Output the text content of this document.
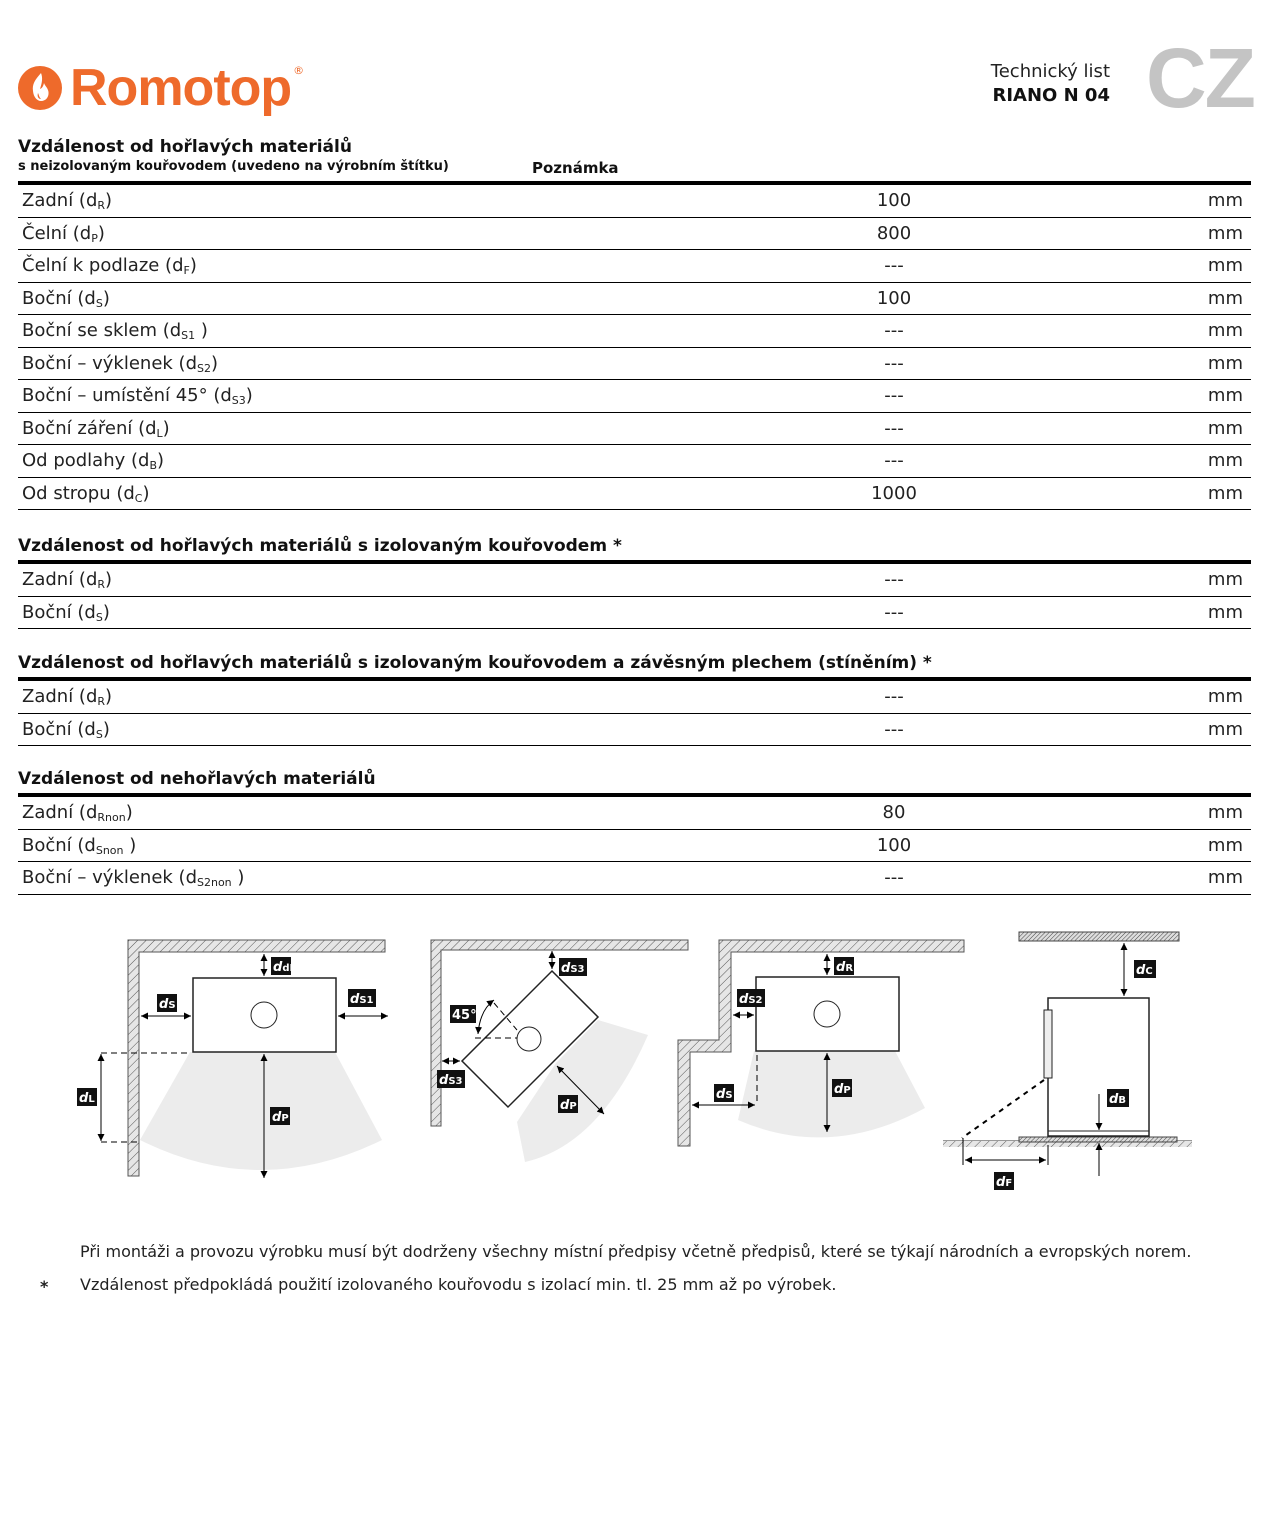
Romotop ®	Technický list
RIANO N 04 CZ
Vzdálenost od hořlavých materiálů
s neizolovaným kouřovodem (uvedeno na výrobním štítku)	Poznámka
Zadní $(d_R)$	100	mm
Čelní $(d_P)$	800	mm
Čelní k podlaze $(d_F)$	---	mm
Boční $(d_S)$	100	mm
Boční se sklem ($d_{S1}$ )	---	mm
Boční – výklenek $(d_{S2})$	---	mm
Boční – umístění 45° $(d_{S3})$	---	mm
Boční záření $(d_L)$	---	mm
Od podlahy $(d_B)$	---	mm
Od stropu $(d_C)$	1000	mm
Vzdálenost od hořlavých materiálů s izolovaným kouřovodem *
Zadní $(d_R)$	---	mm
Boční $(d_S)$	---	mm
Vzdálenost od hořlavých materiálů s izolovaným kouřovodem a závěsným plechem (stíněním) *
Zadní $(d_R)$	---	mm
Boční $(d_S)$	---	mm
Vzdálenost od nehořlavých materiálů
Zadní $(d_{Rnon})$	80	mm
Boční ($d_{Snon}$ )	100	mm
Boční – výklenek ($d_{S2non}$ )	---	mm
ddR
dS	dS1
dL
dP
dS3
45°
dS3
dP
dR
dS2
dS	dP
dC
dB
dF
Při montáži a provozu výrobku musí být dodrženy všechny místní předpisy včetně předpisů, které se týkají národních a evropských norem.
* Vzdálenost předpokládá použití izolovaného kouřovodu s izolací min. tl. 25 mm až po výrobek.
